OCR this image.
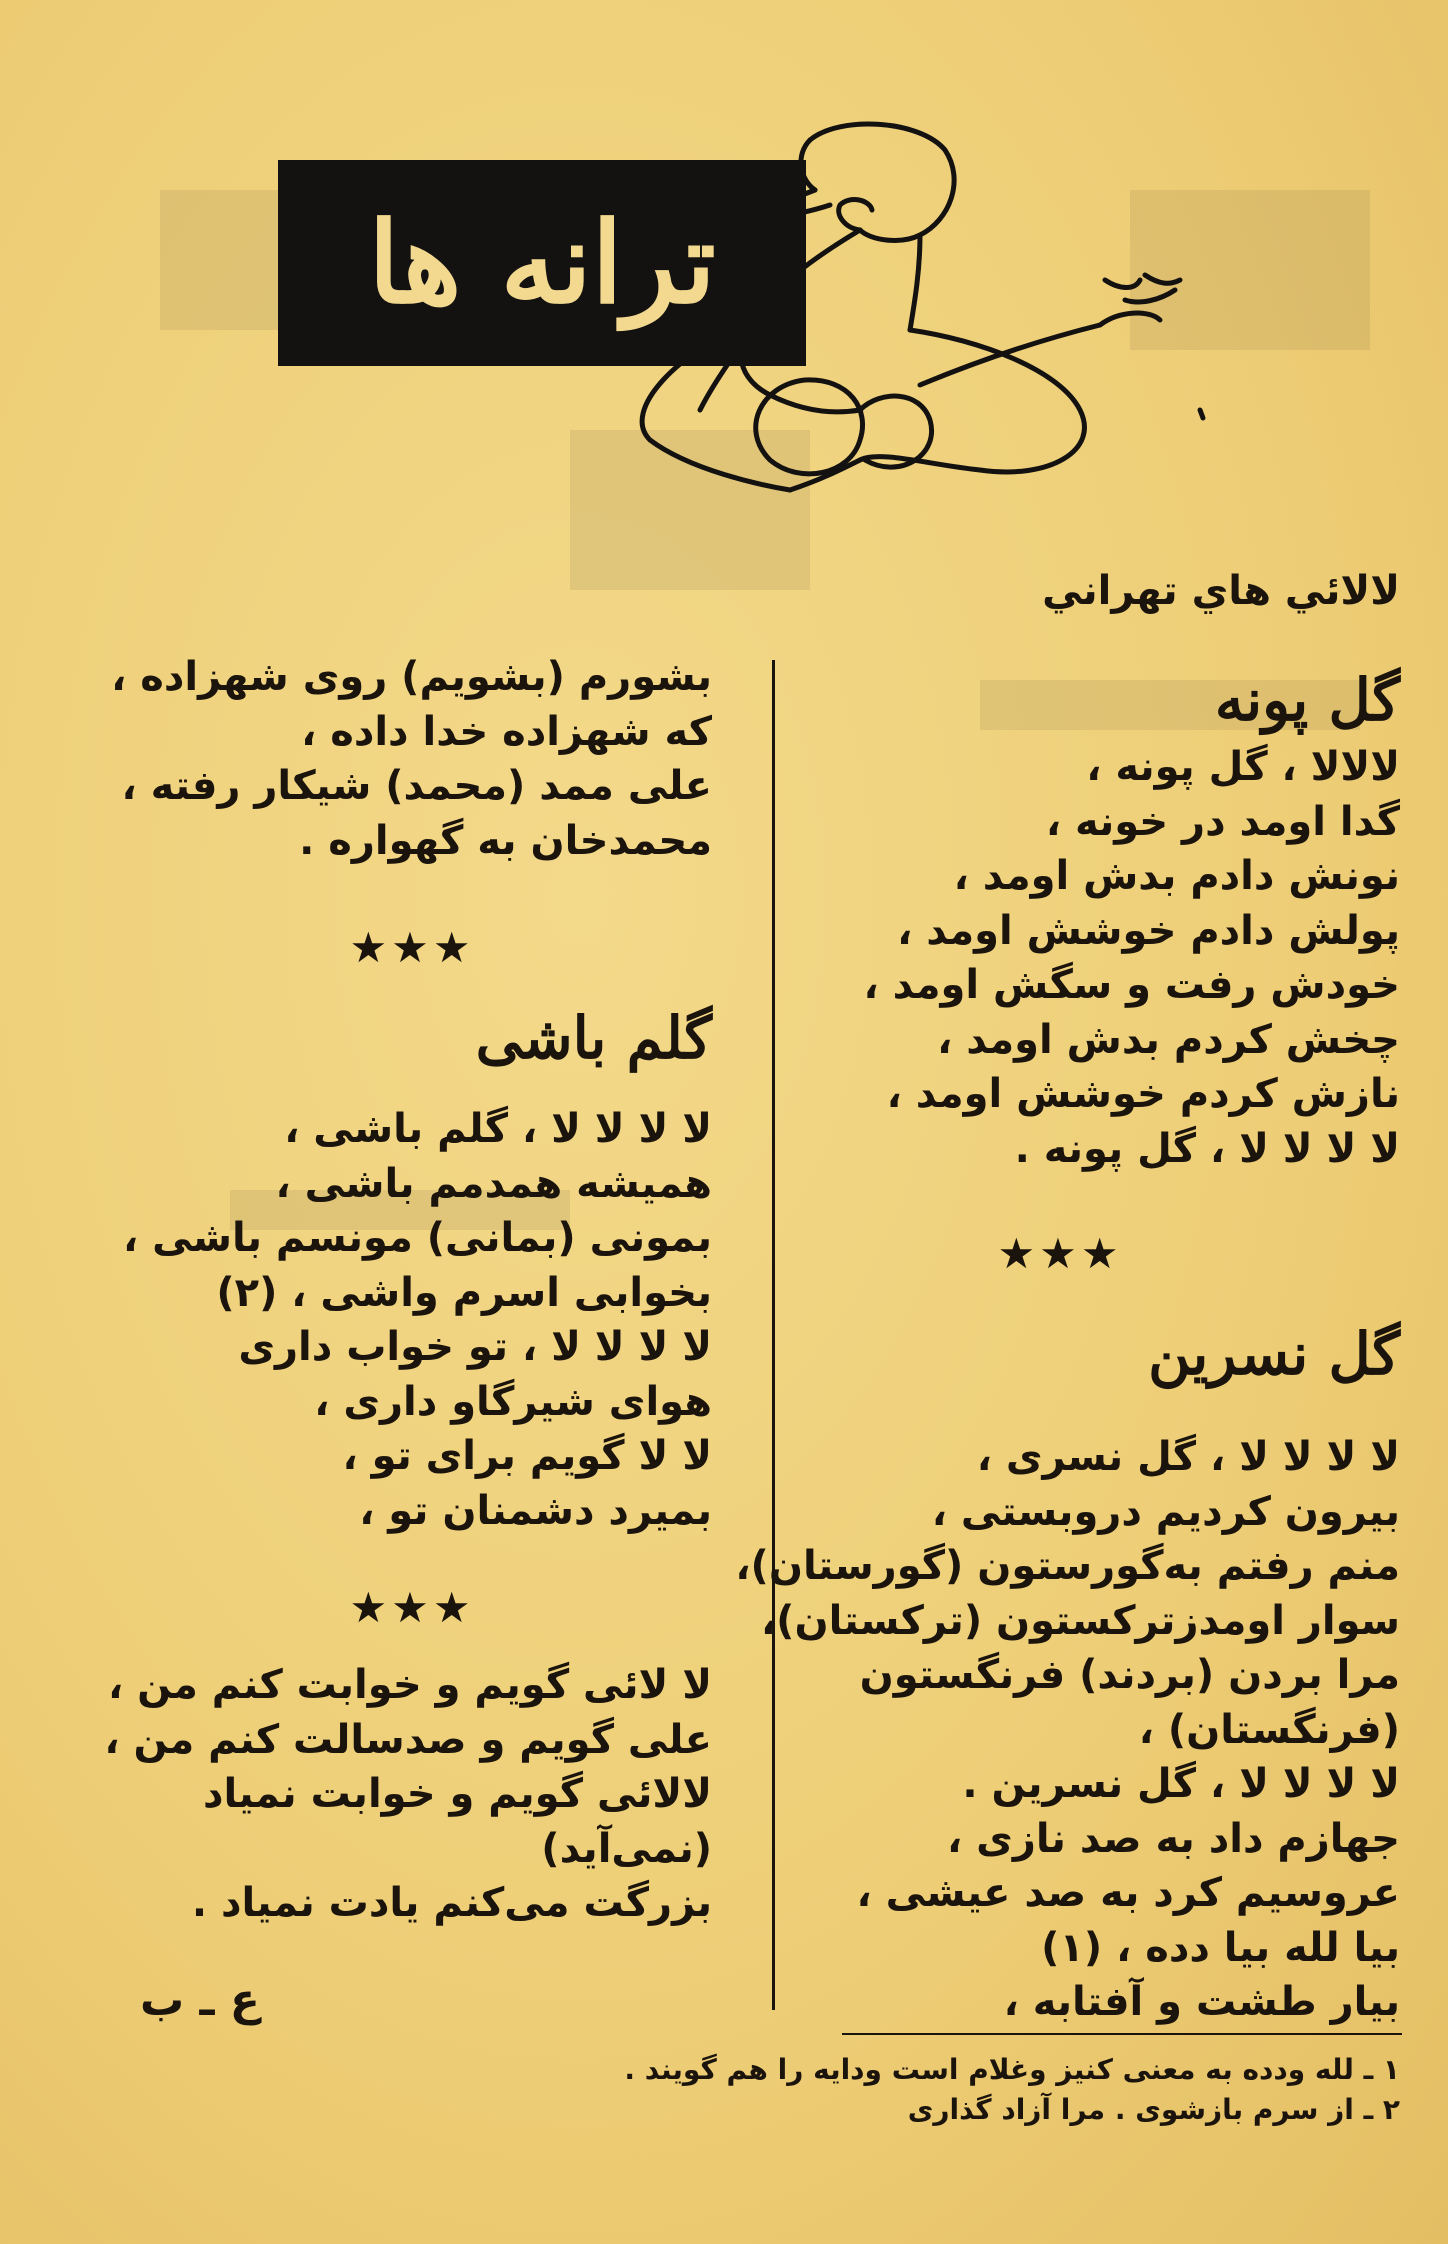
ترانه ها
لالائي هاي تهراني
گل پونه
لالالا ، گل پونه ،
گدا اومد در خونه ،
نونش دادم بدش اومد ،
پولش دادم خوشش اومد ،
خودش رفت و سگش اومد ،
چخش کردم بدش اومد ،
نازش کردم خوشش اومد ،
لا لا لا لا ، گل پونه .
★★★
گل نسرین
لا لا لا لا ، گل نسری ،
بیرون کردیم دروبستی ،
منم رفتم به‌گورستون (گورستان)،
سوار اومدزترکستون (ترکستان)،
مرا بردن (بردند) فرنگستون
(فرنگستان) ،
لا لا لا لا ، گل نسرین .
جهازم داد به صد نازی ،
عروسیم کرد به صد عیشی ،
بیا لله بیا دده ، (۱)
بیار طشت و آفتابه ،
بشورم (بشویم) روی شهزاده ،
که شهزاده خدا داده ،
علی ممد (محمد) شیکار رفته ،
محمدخان به گهواره .
★★★
گلم باشی
لا لا لا لا ، گلم باشی ،
همیشه همدمم باشی ،
بمونی (بمانی) مونسم باشی ،
بخوابی اسرم واشی ، (۲)
لا لا لا لا ، تو خواب داری
هوای شیرگاو داری ،
لا لا گویم برای تو ،
بمیرد دشمنان تو ،
★★★
لا لائی گویم و خوابت کنم من ،
علی گویم و صدسالت کنم من ،
لالائی گویم و خوابت نمیاد
(نمی‌آید)
بزرگت می‌کنم یادت نمیاد .
ع ـ ب
۱ ـ لله ودده به معنی کنیز وغلام است ودایه را هم گویند .
۲ ـ از سرم بازشوی . مرا آزاد گذاری
